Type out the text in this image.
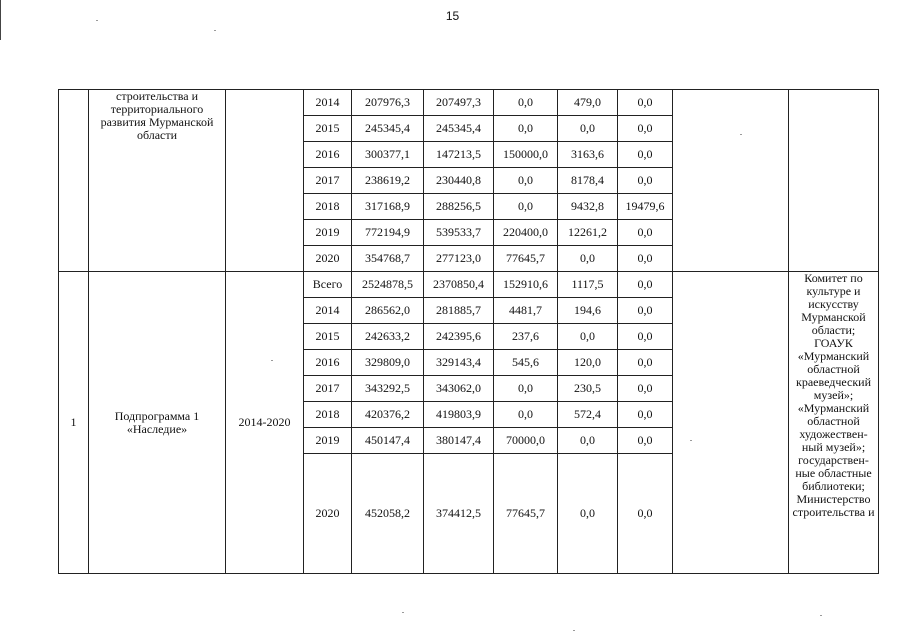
15
	строительства и территориального развития Мурманской области		2014	207976,3	207497,3	0,0	479,0	0,0		
			2015	245345,4	245345,4	0,0	0,0	0,0		
			2016	300377,1	147213,5	150000,0	3163,6	0,0		
			2017	238619,2	230440,8	0,0	8178,4	0,0		
			2018	317168,9	288256,5	0,0	9432,8	19479,6		
			2019	772194,9	539533,7	220400,0	12261,2	0,0		
			2020	354768,7	277123,0	77645,7	0,0	0,0		
1	Подпрограмма 1 «Наследие»	2014-2020	Всего	2524878,5	2370850,4	152910,6	1117,5	0,0		Комитет по культуре и искусству Мурманской области; ГОАУК «Мурманский областной краеведческий музей»; «Мурманский областной художествен-ный музей»; государствен-ные областные библиотеки; Министерство строительства и
			2014	286562,0	281885,7	4481,7	194,6	0,0		
			2015	242633,2	242395,6	237,6	0,0	0,0		
			2016	329809,0	329143,4	545,6	120,0	0,0		
			2017	343292,5	343062,0	0,0	230,5	0,0		
			2018	420376,2	419803,9	0,0	572,4	0,0		
			2019	450147,4	380147,4	70000,0	0,0	0,0		
			2020	452058,2	374412,5	77645,7	0,0	0,0		
